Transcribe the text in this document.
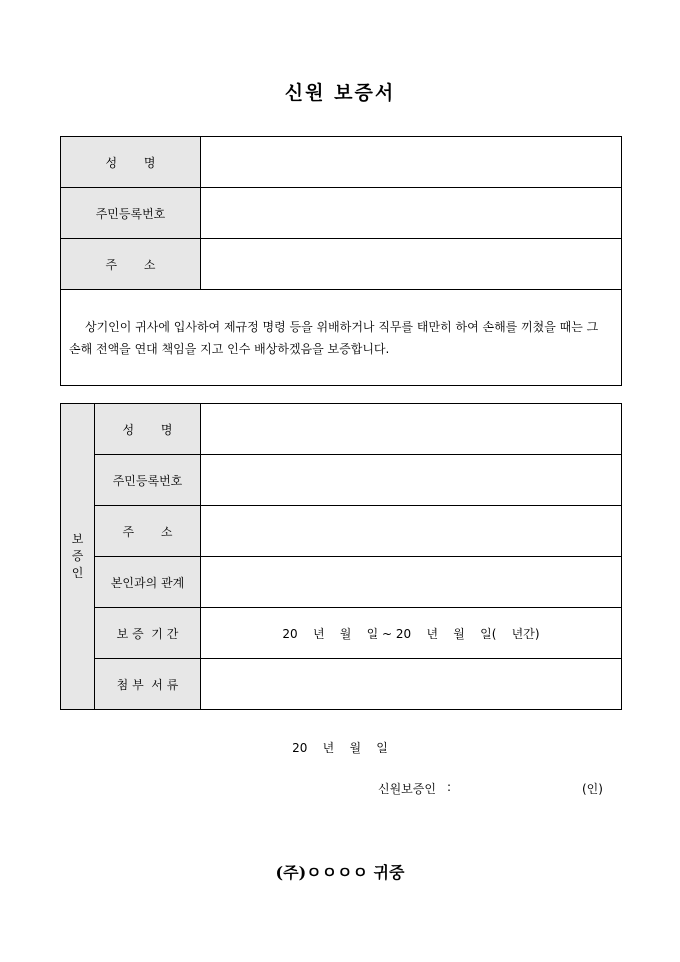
신원 보증서
성       명	
주민등록번호	
주       소	

상기인이 귀사에 입사하여 제규정 명령 등을 위배하거나 직무를 태만히 하여 손해를 끼쳤을 때는 그 손해 전액을 연대 책임을 지고 인수 배상하겠음을 보증합니다.	
보
증
인	성       명	
	주민등록번호	
	주       소	
	본인과의 관계	
	보 증  기 간	20    년    월    일 ~ 20    년    월    일(    년간)
	첨 부  서 류	
20    년    월    일
신원보증인 :	(인)
(주)ㅇㅇㅇㅇ 귀중
